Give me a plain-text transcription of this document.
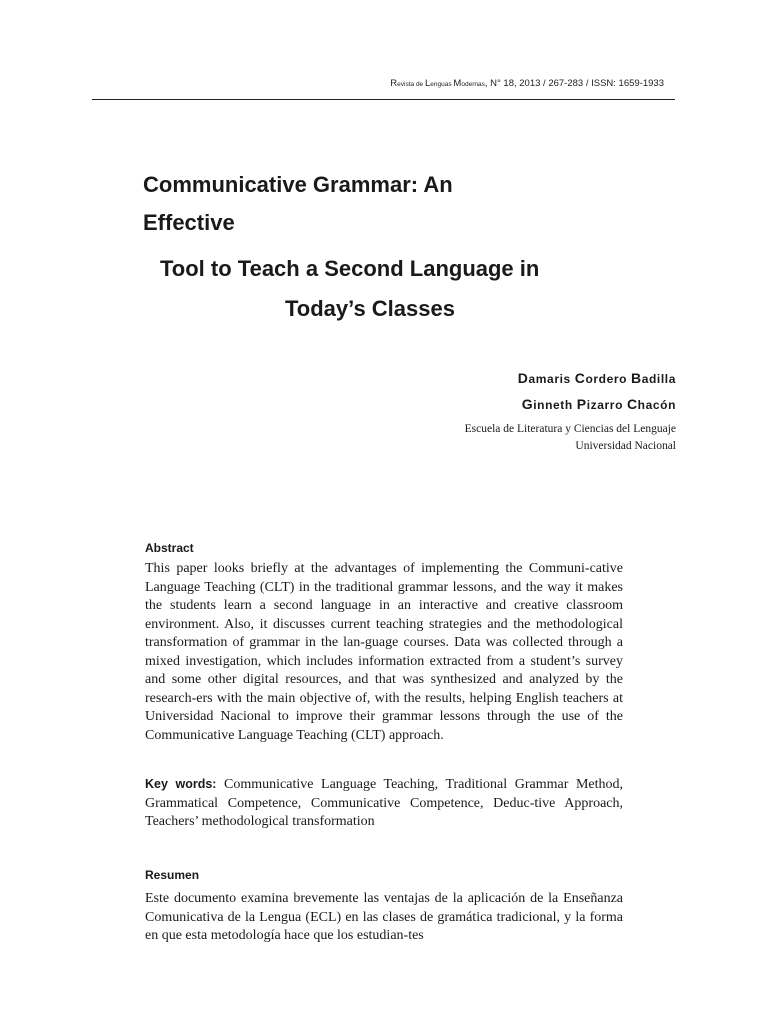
Revista de Lenguas Modernas, N° 18, 2013 / 267-283 / ISSN: 1659-1933
Communicative Grammar: An
Effective
Tool to Teach a Second Language in
Today’s Classes
Damaris Cordero Badilla
Ginneth Pizarro Chacón
Escuela de Literatura y Ciencias del Lenguaje
Universidad Nacional
Abstract

This paper looks briefly at the advantages of implementing the Communi-cative Language Teaching (CLT) in the traditional grammar lessons, and the way it makes the students learn a second language in an interactive and creative classroom environment. Also, it discusses current teaching strategies and the methodological transformation of grammar in the lan-guage courses. Data was collected through a mixed investigation, which includes information extracted from a student’s survey and some other digital resources, and that was synthesized and analyzed by the research-ers with the main objective of, with the results, helping English teachers at Universidad Nacional to improve their grammar lessons through the use of the Communicative Language Teaching (CLT) approach.

Key words: Communicative Language Teaching, Traditional Grammar Method, Grammatical Competence, Communicative Competence, Deduc-tive Approach, Teachers’ methodological transformation

Resumen

Este documento examina brevemente las ventajas de la aplicación de la Enseñanza Comunicativa de la Lengua (ECL) en las clases de gramática tradicional, y la forma en que esta metodología hace que los estudian-tes
